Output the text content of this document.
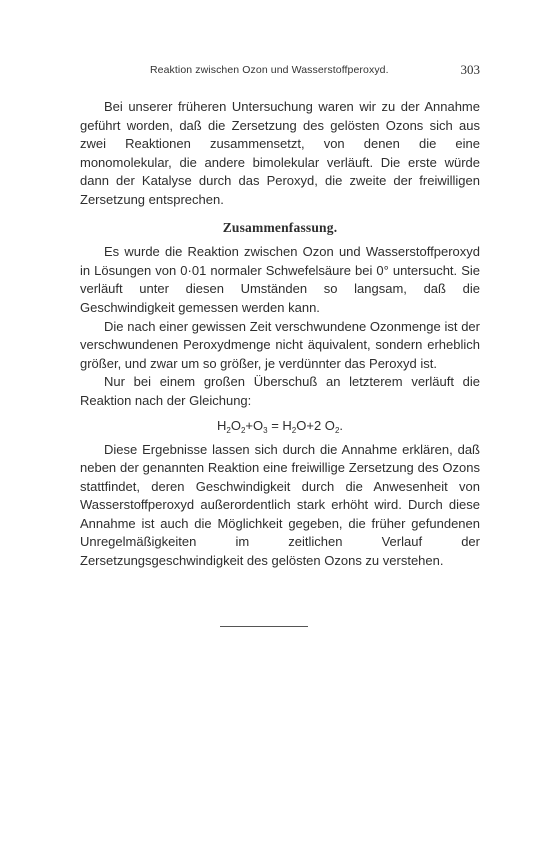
Reaktion zwischen Ozon und Wasserstoffperoxyd.	303

Bei unserer früheren Untersuchung waren wir zu der Annahme geführt worden, daß die Zersetzung des gelösten Ozons sich aus zwei Reaktionen zusammensetzt, von denen die eine monomolekular, die andere bimolekular verläuft. Die erste würde dann der Katalyse durch das Peroxyd, die zweite der freiwilligen Zersetzung entsprechen.

Zusammenfassung.

Es wurde die Reaktion zwischen Ozon und Wasserstoffperoxyd in Lösungen von 0·01 normaler Schwefelsäure bei 0° untersucht. Sie verläuft unter diesen Umständen so langsam, daß die Geschwindigkeit gemessen werden kann.

Die nach einer gewissen Zeit verschwundene Ozonmenge ist der verschwundenen Peroxydmenge nicht äquivalent, sondern erheblich größer, und zwar um so größer, je verdünnter das Peroxyd ist.

Nur bei einem großen Überschuß an letzterem verläuft die Reaktion nach der Gleichung:

$H_2O_2+O_3 = H_2O+2$ $O_2$.

Diese Ergebnisse lassen sich durch die Annahme erklären, daß neben der genannten Reaktion eine freiwillige Zersetzung des Ozons stattfindet, deren Geschwindigkeit durch die Anwesenheit von Wasserstoffperoxyd außerordentlich stark erhöht wird. Durch diese Annahme ist auch die Möglichkeit gegeben, die früher gefundenen Unregelmäßigkeiten im zeitlichen Verlauf der Zersetzungsgeschwindigkeit des gelösten Ozons zu verstehen.
